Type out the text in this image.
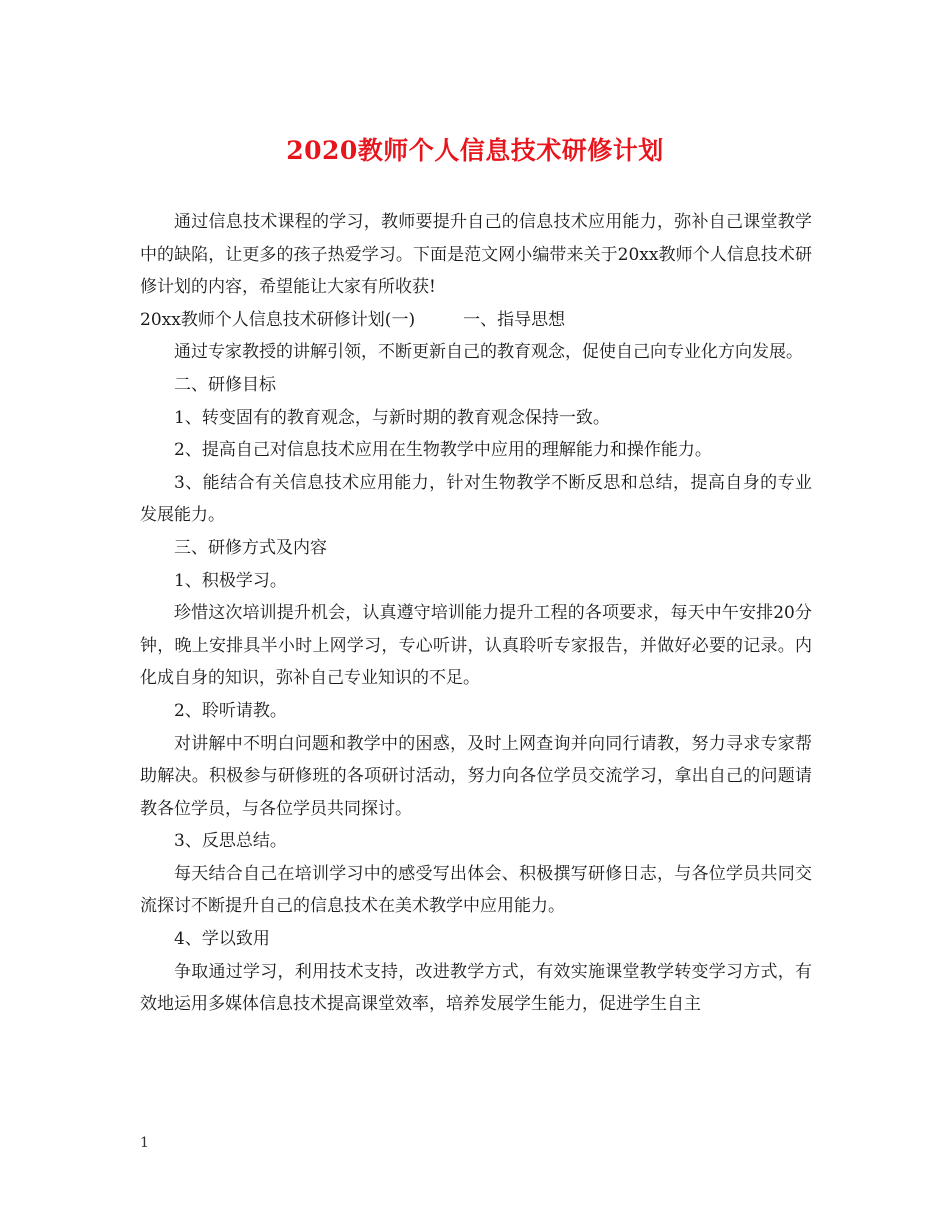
2020教师个人信息技术研修计划

通过信息技术课程的学习，教师要提升自己的信息技术应用能力，弥补自己课堂教学中的缺陷，让更多的孩子热爱学习。下面是范文网小编带来关于20xx教师个人信息技术研修计划的内容，希望能让大家有所收获!

20xx教师个人信息技术研修计划(一)	一、指导思想

通过专家教授的讲解引领，不断更新自己的教育观念，促使自己向专业化方向发展。

二、研修目标

1、转变固有的教育观念，与新时期的教育观念保持一致。

2、提高自己对信息技术应用在生物教学中应用的理解能力和操作能力。

3、能结合有关信息技术应用能力，针对生物教学不断反思和总结，提高自身的专业发展能力。

三、研修方式及内容

1、积极学习。

珍惜这次培训提升机会，认真遵守培训能力提升工程的各项要求，每天中午安排20分钟，晚上安排具半小时上网学习，专心听讲，认真聆听专家报告，并做好必要的记录。内化成自身的知识，弥补自己专业知识的不足。

2、聆听请教。

对讲解中不明白问题和教学中的困惑，及时上网查询并向同行请教，努力寻求专家帮助解决。积极参与研修班的各项研讨活动，努力向各位学员交流学习，拿出自己的问题请教各位学员，与各位学员共同探讨。

3、反思总结。

每天结合自己在培训学习中的感受写出体会、积极撰写研修日志，与各位学员共同交流探讨不断提升自己的信息技术在美术教学中应用能力。

4、学以致用

争取通过学习，利用技术支持，改进教学方式，有效实施课堂教学转变学习方式，有效地运用多媒体信息技术提高课堂效率，培养发展学生能力，促进学生自主

1
